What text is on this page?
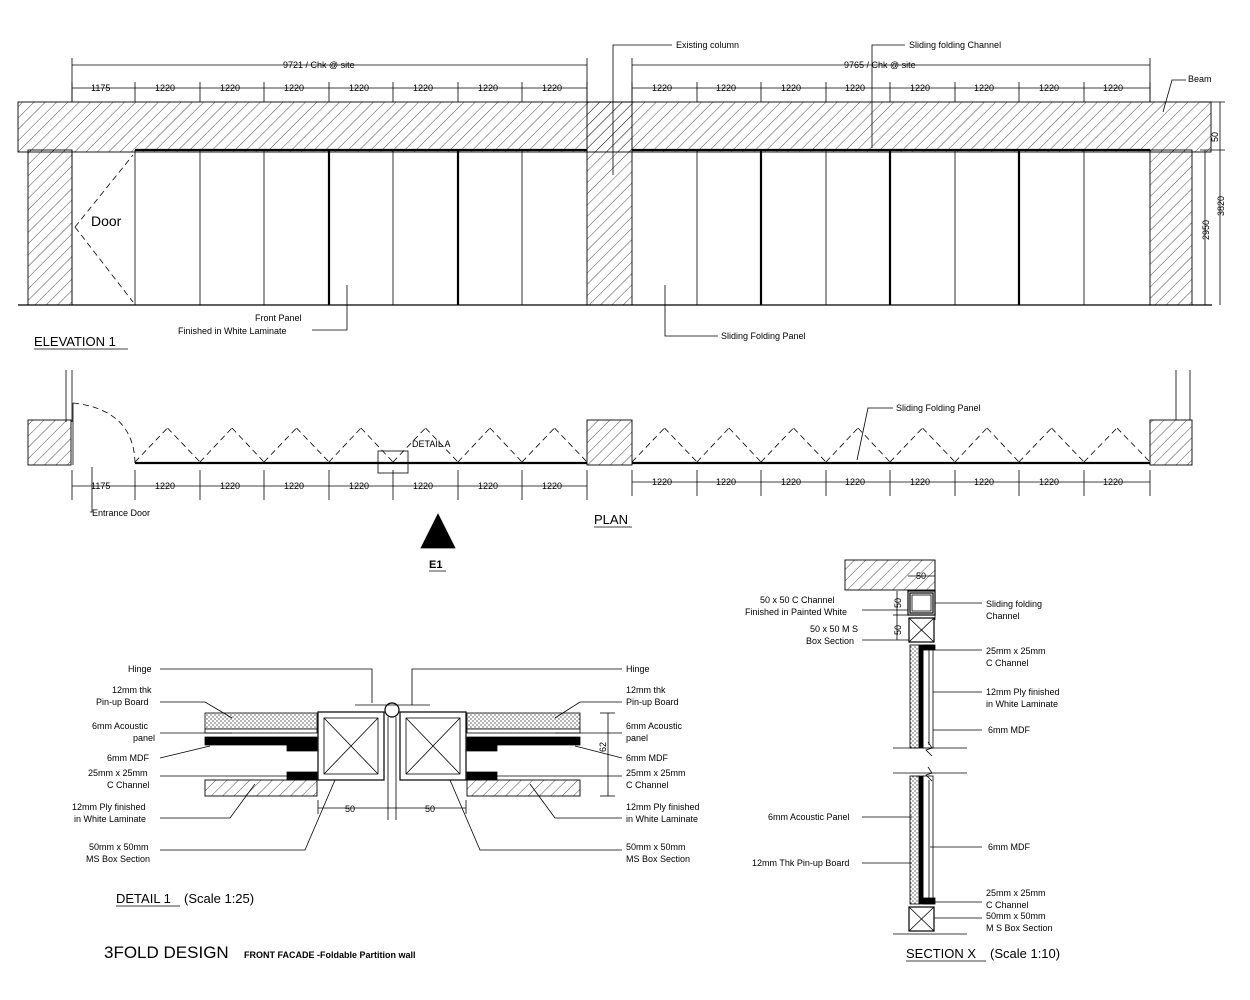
Door
9721 / Chk @ site	9765 / Chk @ site
1175	1220	1220	1220	1220	1220	1220	1220	1220	1220	1220	1220	1220	1220	1220	1220
50
3820
2950
Existing column	Sliding folding Channel
Beam
Front Panel
Finished in White Laminate	Sliding Folding Panel
ELEVATION 1
DETAIL A
1175	1220	1220	1220	1220	1220	1220	1220	1220	1220	1220	1220	1220	1220	1220	1220
Entrance Door
Sliding Folding Panel
PLAN
E1
50	50
62
Hinge
12mm thk
Pin-up Board
6mm Acoustic
panel
6mm MDF
25mm x 25mm
C Channel
12mm Ply finished
in White Laminate
50mm x 50mm
MS Box Section
Hinge
12mm thk
Pin-up Board
6mm Acoustic
panel
6mm MDF
25mm x 25mm
C Channel
12mm Ply finished
in White Laminate
50mm x 50mm
MS Box Section
DETAIL 1 (Scale 1:25)
50
50
50
50 x 50 C Channel
Finished in Painted White
50 x 50 M S
Box Section
6mm Acoustic Panel
12mm Thk Pin-up Board
Sliding folding
Channel
25mm x 25mm
C Channel
12mm Ply finished
in White Laminate
6mm MDF
6mm MDF
25mm x 25mm
C Channel
50mm x 50mm
M S Box Section
SECTION X (Scale 1:10)
3FOLD DESIGN FRONT FACADE -Foldable Partition wall
